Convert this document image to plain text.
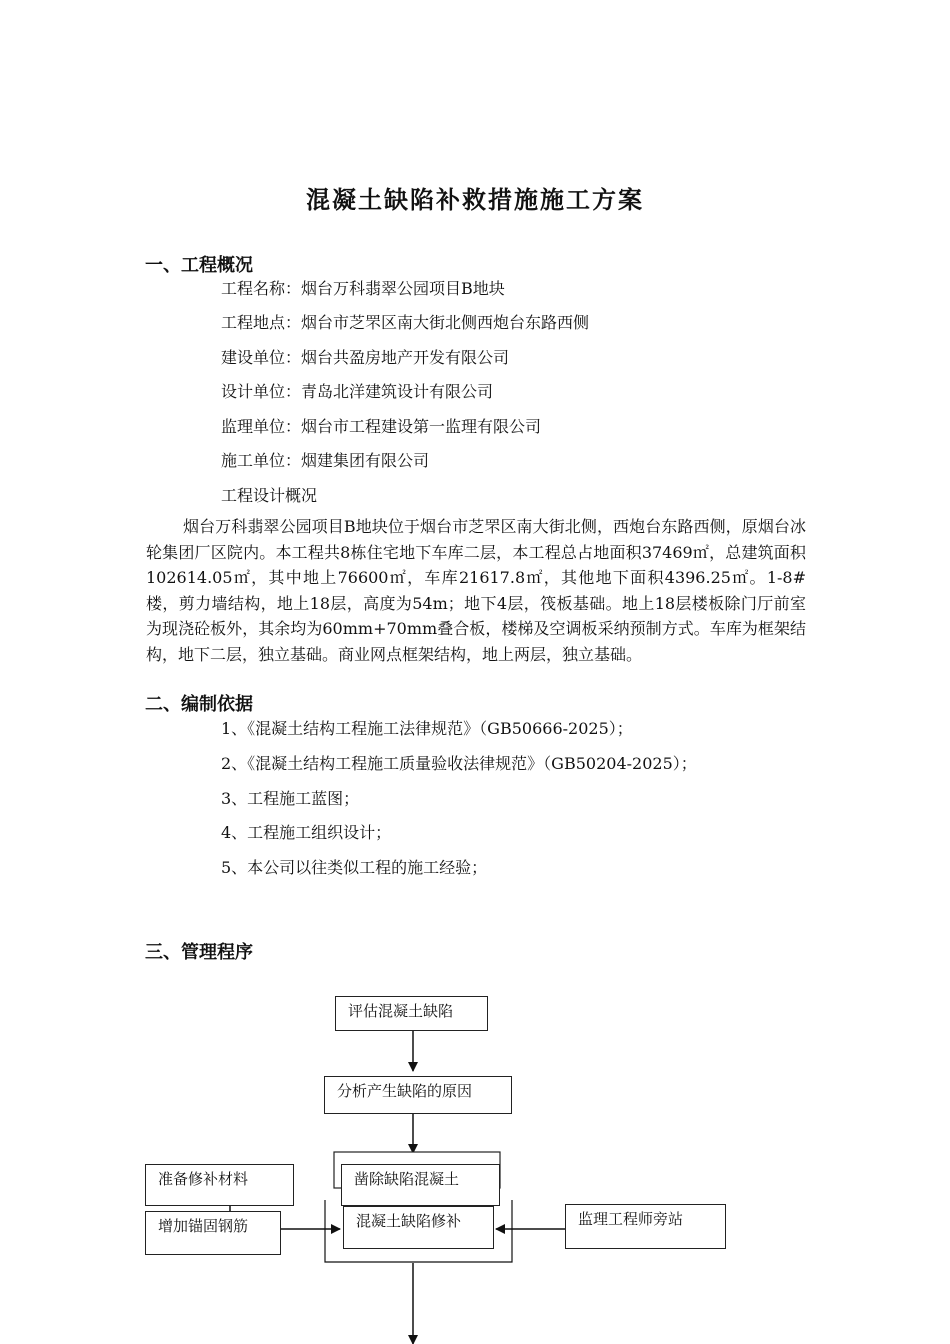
混凝土缺陷补救措施施工方案
一、工程概况
工程名称：烟台万科翡翠公园项目B地块
工程地点：烟台市芝罘区南大街北侧西炮台东路西侧
建设单位：烟台共盈房地产开发有限公司
设计单位：青岛北洋建筑设计有限公司
监理单位：烟台市工程建设第一监理有限公司
施工单位：烟建集团有限公司
工程设计概况
烟台万科翡翠公园项目B地块位于烟台市芝罘区南大街北侧，西炮台东路西侧，原烟台冰轮集团厂区院内。本工程共8栋住宅地下车库二层，本工程总占地面积37469㎡，总建筑面积102614.05㎡，其中地上76600㎡，车库21617.8㎡，其他地下面积4396.25㎡。1-8#楼，剪力墙结构，地上18层，高度为54m；地下4层，筏板基础。地上18层楼板除门厅前室为现浇砼板外，其余均为60mm+70mm叠合板，楼梯及空调板采纳预制方式。车库为框架结构，地下二层，独立基础。商业网点框架结构，地上两层，独立基础。
二、编制依据
1、《混凝土结构工程施工法律规范》（GB50666-2025）；
2、《混凝土结构工程施工质量验收法律规范》（GB50204-2025）；
3、工程施工蓝图；
4、工程施工组织设计；
5、本公司以往类似工程的施工经验；
三、管理程序
评估混凝土缺陷
分析产生缺陷的原因
凿除缺陷混凝土
准备修补材料
增加锚固钢筋	混凝土缺陷修补	监理工程师旁站
